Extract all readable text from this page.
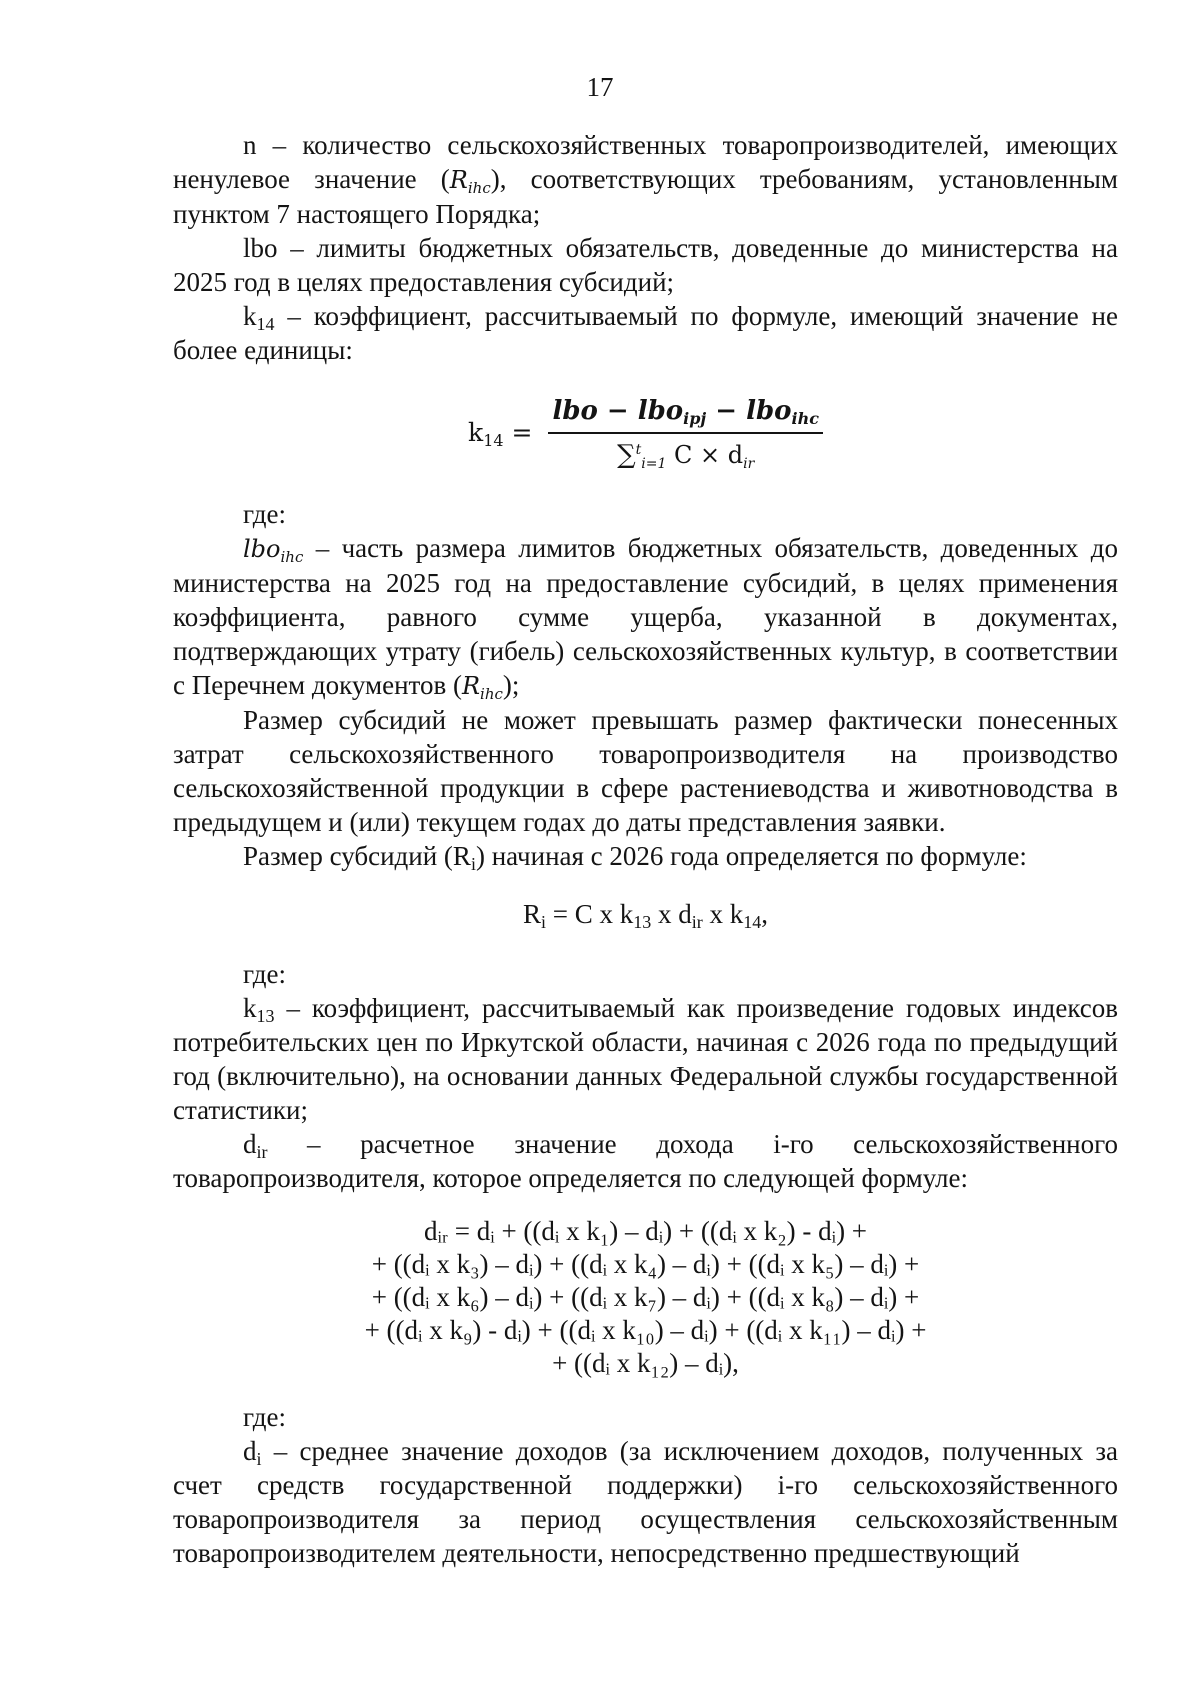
17

n – количество сельскохозяйственных товаропроизводителей, имеющих ненулевое значение $(R_{ihc})$, соответствующих требованиям, установленным пунктом 7 настоящего Порядка;

lbo – лимиты бюджетных обязательств, доведенные до министерства на 2025 год в целях предоставления субсидий;

$k_{14}$ – коэффициент, рассчитываемый по формуле, имеющий значение не более единицы:

$k_{14} = \frac{lbo - lbo_{ipj} - lbo_{ihc}}{\sum^t_{i=1} C \times d_{ir}}$

где:

lbo$_{ihc}$ – часть размера лимитов бюджетных обязательств, доведенных до министерства на 2025 год на предоставление субсидий, в целях применения коэффициента, равного сумме ущерба, указанной в документах, подтверждающих утрату (гибель) сельскохозяйственных культур, в соответствии с Перечнем документов $(R_{ihc})$;

Размер субсидий не может превышать размер фактически понесенных затрат сельскохозяйственного товаропроизводителя на производство сельскохозяйственной продукции в сфере растениеводства и животноводства в предыдущем и (или) текущем годах до даты представления заявки.

Размер субсидий $(R_i)$ начиная с 2026 года определяется по формуле:

$R_i = C$ x $k_{13}$ x $d_{ir}$ x $k_{14}$,

где:

$k_{13}$ – коэффициент, рассчитываемый как произведение годовых индексов потребительских цен по Иркутской области, начиная с 2026 года по предыдущий год (включительно), на основании данных Федеральной службы государственной статистики;

$d_{ir}$ – расчетное значение дохода i-го сельскохозяйственного товаропроизводителя, которое определяется по следующей формуле:

dᵢᵣ = dᵢ + ((dᵢ x k₁) – dᵢ) + ((dᵢ x k₂) - dᵢ) +

+ ((dᵢ x k₃) – dᵢ) + ((dᵢ x k₄) – dᵢ) + ((dᵢ x k₅) – dᵢ) +

+ ((dᵢ x k₆) – dᵢ) + ((dᵢ x k₇) – dᵢ) + ((dᵢ x k₈) – dᵢ) +

+ ((dᵢ x k₉) - dᵢ) + ((dᵢ x k₁₀) – dᵢ) + ((dᵢ x k₁₁) – dᵢ) +

+ ((dᵢ x k₁₂) – dᵢ),

где:

$d_i$ – среднее значение доходов (за исключением доходов, полученных за счет средств государственной поддержки) i-го сельскохозяйственного товаропроизводителя за период осуществления сельскохозяйственным товаропроизводителем деятельности, непосредственно предшествующий
